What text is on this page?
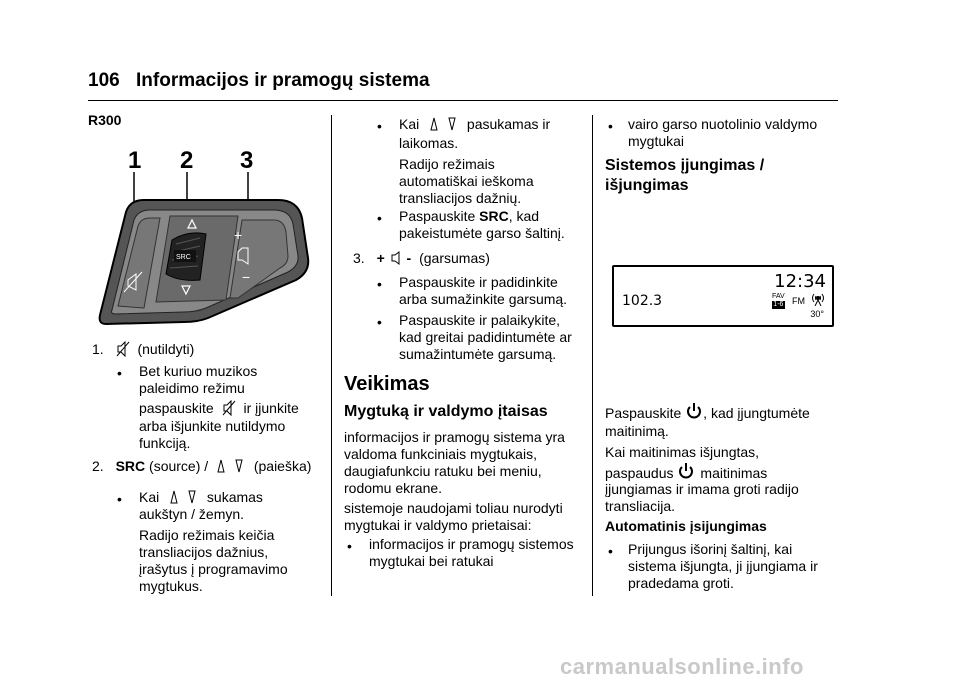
106 Informacijos ir pramogų sistema
R300
1 2 3
SRC
+
−
1. (nutildyti)
• Bet kuriuo muzikos
paleidimo režimu
paspauskite ir įjunkite
arba išjunkite nutildymo
funkciją.
2. SRC (source) /	(paieška)
• Kai	sukamas
aukštyn / žemyn.
Radijo režimais keičia
transliacijos dažnius,
įrašytus į programavimo
mygtukus.
• Kai	pasukamas ir
laikomas.
Radijo režimais
automatiškai ieškoma
transliacijos dažnių.
• Paspauskite SRC, kad
pakeistumėte garso šaltinį.
3. + - (garsumas)
• Paspauskite ir padidinkite
arba sumažinkite garsumą.
• Paspauskite ir palaikykite,
kad greitai padidintumėte ar
sumažintumėte garsumą.
Veikimas
Mygtuką ir valdymo įtaisas
informacijos ir pramogų sistema yra
valdoma funkciniais mygtukais,
daugiafunkciu ratuku bei meniu,
rodomu ekrane.
sistemoje naudojami toliau nurodyti
mygtukai ir valdymo prietaisai:
• informacijos ir pramogų sistemos
mygtukai bei ratukai
• vairo garso nuotolinio valdymo
mygtukai
Sistemos įjungimas /
išjungimas
12:34
102.3	FAV
1-6 FM
30°
Paspauskite , kad įjungtumėte
maitinimą.
Kai maitinimas išjungtas,
paspaudus maitinimas
įjungiamas ir imama groti radijo
transliacija.
Automatinis įsijungimas
• Prijungus išorinį šaltinį, kai
sistema išjungta, ji įjungiama ir
pradedama groti.
carmanualsonline.info
